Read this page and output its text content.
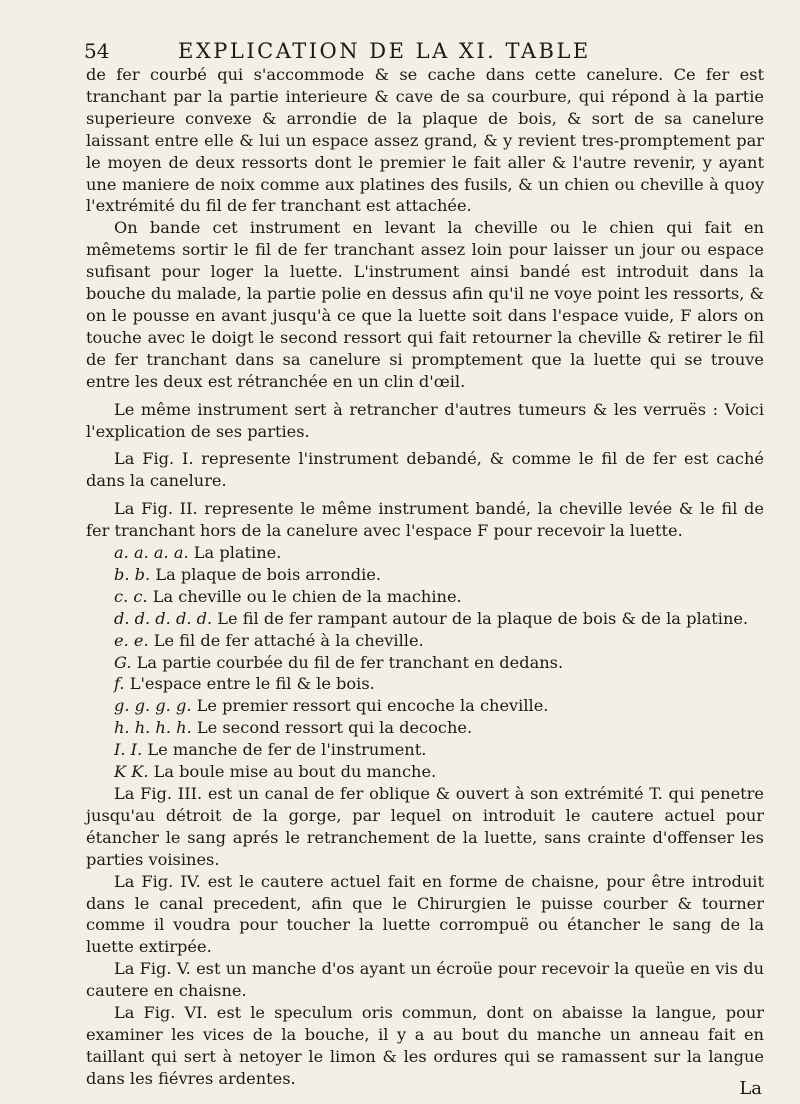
54	EXPLICATION DE LA XI. TABLE

de fer courbé qui s'accommode & se cache dans cette canelure. Ce fer est tranchant par la partie interieure & cave de sa courbure, qui répond à la partie superieure convexe & arrondie de la plaque de bois, & sort de sa canelure laissant entre elle & lui un espace assez grand, & y revient tres-promptement par le moyen de deux ressorts dont le premier le fait aller & l'autre revenir, y ayant une maniere de noix comme aux platines des fusils, & un chien ou cheville à quoy l'extrémité du fil de fer tranchant est attachée.

On bande cet instrument en levant la cheville ou le chien qui fait en mêmetems sortir le fil de fer tranchant assez loin pour laisser un jour ou espace sufisant pour loger la luette. L'instrument ainsi bandé est introduit dans la bouche du malade, la partie polie en dessus afin qu'il ne voye point les ressorts, & on le pousse en avant jusqu'à ce que la luette soit dans l'espace vuide, F alors on touche avec le doigt le second ressort qui fait retourner la cheville & retirer le fil de fer tranchant dans sa canelure si promptement que la luette qui se trouve entre les deux est rétranchée en un clin d'œil.

Le même instrument sert à retrancher d'autres tumeurs & les verruës : Voici l'explication de ses parties.

La Fig. I. represente l'instrument debandé, & comme le fil de fer est caché dans la canelure.

La Fig. II. represente le même instrument bandé, la cheville levée & le fil de fer tranchant hors de la canelure avec l'espace F pour recevoir la luette.

a. a. a. a. La platine.

b. b. La plaque de bois arrondie.

c. c. La cheville ou le chien de la machine.

d. d. d. d. d. Le fil de fer rampant autour de la plaque de bois & de la platine.

e. e. Le fil de fer attaché à la cheville.

G. La partie courbée du fil de fer tranchant en dedans.

f. L'espace entre le fil & le bois.

g. g. g. g. Le premier ressort qui encoche la cheville.

h. h. h. h. Le second ressort qui la decoche.

I. I. Le manche de fer de l'instrument.

K K. La boule mise au bout du manche.

La Fig. III. est un canal de fer oblique & ouvert à son extrémité T. qui penetre jusqu'au détroit de la gorge, par lequel on introduit le cautere actuel pour étancher le sang aprés le retranchement de la luette, sans crainte d'offenser les parties voisines.

La Fig. IV. est le cautere actuel fait en forme de chaisne, pour être introduit dans le canal precedent, afin que le Chirurgien le puisse courber & tourner comme il voudra pour toucher la luette corrompuë ou étancher le sang de la luette extirpée.

La Fig. V. est un manche d'os ayant un écroüe pour recevoir la queüe en vis du cautere en chaisne.

La Fig. VI. est le speculum oris commun, dont on abaisse la langue, pour examiner les vices de la bouche, il y a au bout du manche un anneau fait en taillant qui sert à netoyer le limon & les ordures qui se ramassent sur la langue dans les fiévres ardentes.	La
